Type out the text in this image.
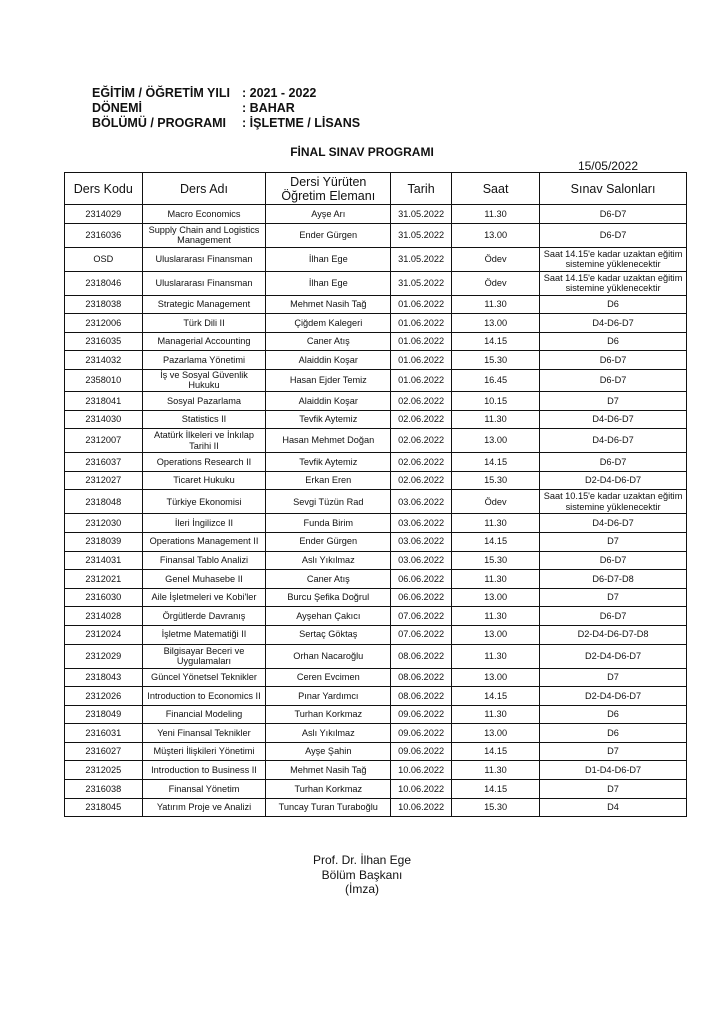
EĞİTİM / ÖĞRETİM YILI : 2021 - 2022
DÖNEMİ	: BAHAR
BÖLÜMÜ / PROGRAMI	: İŞLETME / LİSANS
FİNAL SINAV PROGRAMI
15/05/2022
Ders Kodu	Ders Adı	Dersi Yürüten Öğretim Elemanı	Tarih	Saat	Sınav Salonları
2314029	Macro Economics	Ayşe Arı	31.05.2022	11.30	D6-D7
2316036	Supply Chain and Logistics Management	Ender Gürgen	31.05.2022	13.00	D6-D7
OSD	Uluslararası Finansman	İlhan Ege	31.05.2022	Ödev	Saat 14.15'e kadar uzaktan eğitim sistemine yüklenecektir
2318046	Uluslararası Finansman	İlhan Ege	31.05.2022	Ödev	Saat 14.15'e kadar uzaktan eğitim sistemine yüklenecektir
2318038	Strategic Management	Mehmet Nasih Tağ	01.06.2022	11.30	D6
2312006	Türk Dili II	Çiğdem Kalegeri	01.06.2022	13.00	D4-D6-D7
2316035	Managerial Accounting	Caner Atış	01.06.2022	14.15	D6
2314032	Pazarlama Yönetimi	Alaiddin Koşar	01.06.2022	15.30	D6-D7
2358010	İş ve Sosyal Güvenlik Hukuku	Hasan Ejder Temiz	01.06.2022	16.45	D6-D7
2318041	Sosyal Pazarlama	Alaiddin Koşar	02.06.2022	10.15	D7
2314030	Statistics II	Tevfik Aytemiz	02.06.2022	11.30	D4-D6-D7
2312007	Atatürk İlkeleri ve İnkılap Tarihi II	Hasan Mehmet Doğan	02.06.2022	13.00	D4-D6-D7
2316037	Operations Research II	Tevfik Aytemiz	02.06.2022	14.15	D6-D7
2312027	Ticaret Hukuku	Erkan Eren	02.06.2022	15.30	D2-D4-D6-D7
2318048	Türkiye Ekonomisi	Sevgi Tüzün Rad	03.06.2022	Ödev	Saat 10.15'e kadar uzaktan eğitim sistemine yüklenecektir
2312030	İleri İngilizce II	Funda Birim	03.06.2022	11.30	D4-D6-D7
2318039	Operations Management II	Ender Gürgen	03.06.2022	14.15	D7
2314031	Finansal Tablo Analizi	Aslı Yıkılmaz	03.06.2022	15.30	D6-D7
2312021	Genel Muhasebe II	Caner Atış	06.06.2022	11.30	D6-D7-D8
2316030	Aile İşletmeleri ve Kobi'ler	Burcu Şefika Doğrul	06.06.2022	13.00	D7
2314028	Örgütlerde Davranış	Ayşehan Çakıcı	07.06.2022	11.30	D6-D7
2312024	İşletme Matematiği II	Sertaç Göktaş	07.06.2022	13.00	D2-D4-D6-D7-D8
2312029	Bilgisayar Beceri ve Uygulamaları	Orhan Nacaroğlu	08.06.2022	11.30	D2-D4-D6-D7
2318043	Güncel Yönetsel Teknikler	Ceren Evcimen	08.06.2022	13.00	D7
2312026	Introduction to Economics II	Pınar Yardımcı	08.06.2022	14.15	D2-D4-D6-D7
2318049	Financial Modeling	Turhan Korkmaz	09.06.2022	11.30	D6
2316031	Yeni Finansal Teknikler	Aslı Yıkılmaz	09.06.2022	13.00	D6
2316027	Müşteri İlişkileri Yönetimi	Ayşe Şahin	09.06.2022	14.15	D7
2312025	Introduction to Business II	Mehmet Nasih Tağ	10.06.2022	11.30	D1-D4-D6-D7
2316038	Finansal Yönetim	Turhan Korkmaz	10.06.2022	14.15	D7
2318045	Yatırım Proje ve Analizi	Tuncay Turan Turaboğlu	10.06.2022	15.30	D4
Prof. Dr. İlhan Ege
Bölüm Başkanı
(İmza)
